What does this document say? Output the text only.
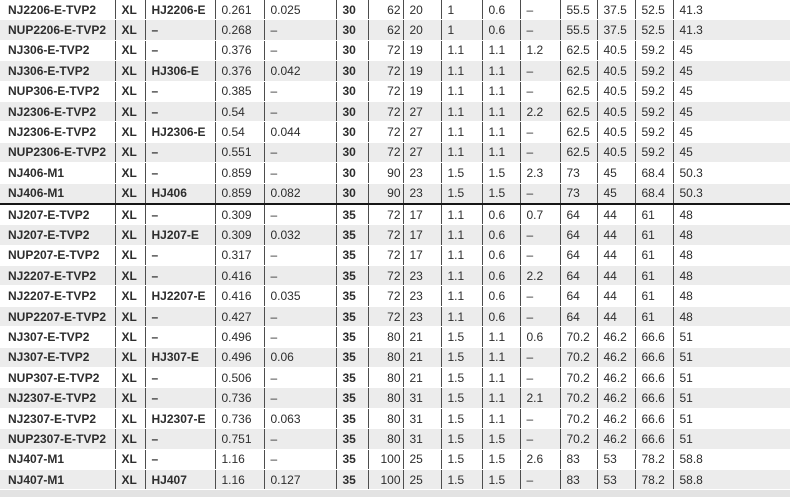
NJ2206-E-TVP2	XL	HJ2206-E	0.261	0.025	30	62	20	1	0.6	–	55.5	37.5	52.5	41.3
NUP2206-E-TVP2	XL	–	0.268	–	30	62	20	1	0.6	–	55.5	37.5	52.5	41.3
NJ306-E-TVP2	XL	–	0.376	–	30	72	19	1.1	1.1	1.2	62.5	40.5	59.2	45
NJ306-E-TVP2	XL	HJ306-E	0.376	0.042	30	72	19	1.1	1.1	–	62.5	40.5	59.2	45
NUP306-E-TVP2	XL	–	0.385	–	30	72	19	1.1	1.1	–	62.5	40.5	59.2	45
NJ2306-E-TVP2	XL	–	0.54	–	30	72	27	1.1	1.1	2.2	62.5	40.5	59.2	45
NJ2306-E-TVP2	XL	HJ2306-E	0.54	0.044	30	72	27	1.1	1.1	–	62.5	40.5	59.2	45
NUP2306-E-TVP2	XL	–	0.551	–	30	72	27	1.1	1.1	–	62.5	40.5	59.2	45
NJ406-M1	XL	–	0.859	–	30	90	23	1.5	1.5	2.3	73	45	68.4	50.3
NJ406-M1	XL	HJ406	0.859	0.082	30	90	23	1.5	1.5	–	73	45	68.4	50.3
NJ207-E-TVP2	XL	–	0.309	–	35	72	17	1.1	0.6	0.7	64	44	61	48
NJ207-E-TVP2	XL	HJ207-E	0.309	0.032	35	72	17	1.1	0.6	–	64	44	61	48
NUP207-E-TVP2	XL	–	0.317	–	35	72	17	1.1	0.6	–	64	44	61	48
NJ2207-E-TVP2	XL	–	0.416	–	35	72	23	1.1	0.6	2.2	64	44	61	48
NJ2207-E-TVP2	XL	HJ2207-E	0.416	0.035	35	72	23	1.1	0.6	–	64	44	61	48
NUP2207-E-TVP2	XL	–	0.427	–	35	72	23	1.1	0.6	–	64	44	61	48
NJ307-E-TVP2	XL	–	0.496	–	35	80	21	1.5	1.1	0.6	70.2	46.2	66.6	51
NJ307-E-TVP2	XL	HJ307-E	0.496	0.06	35	80	21	1.5	1.1	–	70.2	46.2	66.6	51
NUP307-E-TVP2	XL	–	0.506	–	35	80	21	1.5	1.1	–	70.2	46.2	66.6	51
NJ2307-E-TVP2	XL	–	0.736	–	35	80	31	1.5	1.1	2.1	70.2	46.2	66.6	51
NJ2307-E-TVP2	XL	HJ2307-E	0.736	0.063	35	80	31	1.5	1.1	–	70.2	46.2	66.6	51
NUP2307-E-TVP2	XL	–	0.751	–	35	80	31	1.5	1.5	–	70.2	46.2	66.6	51
NJ407-M1	XL	–	1.16	–	35	100	25	1.5	1.5	2.6	83	53	78.2	58.8
NJ407-M1	XL	HJ407	1.16	0.127	35	100	25	1.5	1.5	–	83	53	78.2	58.8
